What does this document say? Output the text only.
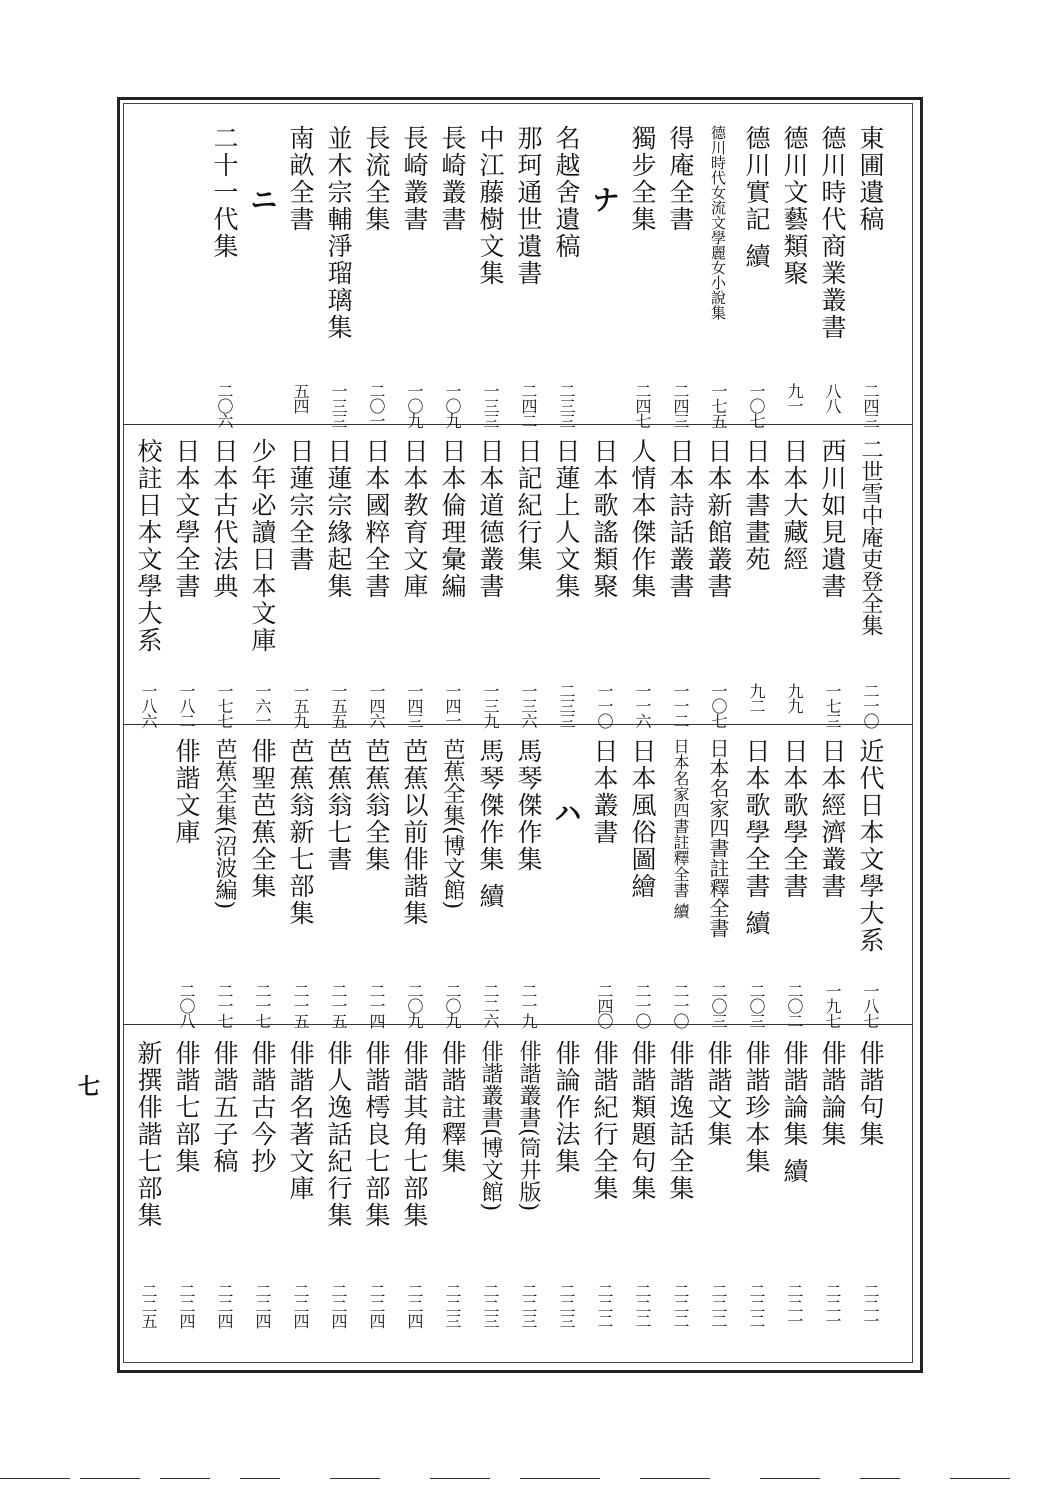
東圃遺稿
二四三
德川時代商業叢書
八八
德川文藝類聚
九一
德川實記 續
一〇七
德川時代女流文學麗女小說集
一七五
得庵全書
二四三
獨步全集
二四七
ナ
名越舍遺稿
二三三
那珂通世遺書
二四二
中江藤樹文集
一三三
長崎叢書
一〇九
長崎叢書
一〇九
長流全集
二〇一
並木宗輔淨瑠璃集
一三三
南畝全書
五四
ニ
二十一代集
二〇六
二世雪中庵吏登全集
二一〇
西川如見遺書
一七三
日本大藏經
九九
日本書畫苑
九二
日本新館叢書
一〇七
日本詩話叢書
一一二
人情本傑作集
一一六
日本歌謠類聚
一一〇
日蓮上人文集
二三三
日記紀行集
一三六
日本道德叢書
一三九
日本倫理彙編
一四一
日本教育文庫
一四三
日本國粹全書
一四六
日蓮宗緣起集
一五五
日蓮宗全書
一五九
少年必讀日本文庫
一六一
日本古代法典
一七七
日本文學全書
一八二
校註日本文學大系
一八六
近代日本文學大系
一八七
日本經濟叢書
一九七
日本歌學全書
二〇二
日本歌學全書 續
二〇三
日本名家四書註釋全書
二〇三
日本名家四書註釋全書 續
二一〇
日本風俗圖繪
二一〇
日本叢書
二四〇
ハ
馬琴傑作集
二一九
馬琴傑作集 續
二二六
芭蕉全集(博文館)
二〇九
芭蕉以前俳諧集
二〇九
芭蕉翁全集
二一四
芭蕉翁七書
二一五
芭蕉翁新七部集
二一五
俳聖芭蕉全集
二一七
芭蕉全集(沼波編)
二一七
俳諧文庫
二〇八
俳諧句集
二二一
俳諧論集
二二一
俳諧論集 續
二二一
俳諧珍本集
二二二
俳諧文集
二二二
俳諧逸話全集
二二二
俳諧類題句集
二二二
俳諧紀行全集
二二二
俳論作法集
二二三
俳諧叢書(筒井版)
二二三
俳諧叢書(博文館)
二二三
俳諧註釋集
二二三
俳諧其角七部集
二二四
俳諧樗良七部集
二二四
俳人逸話紀行集
二二四
俳諧名著文庫
二二四
俳諧古今抄
二二四
俳諧五子稿
二二四
俳諧七部集
二二四
新撰俳諧七部集
二二五
七
